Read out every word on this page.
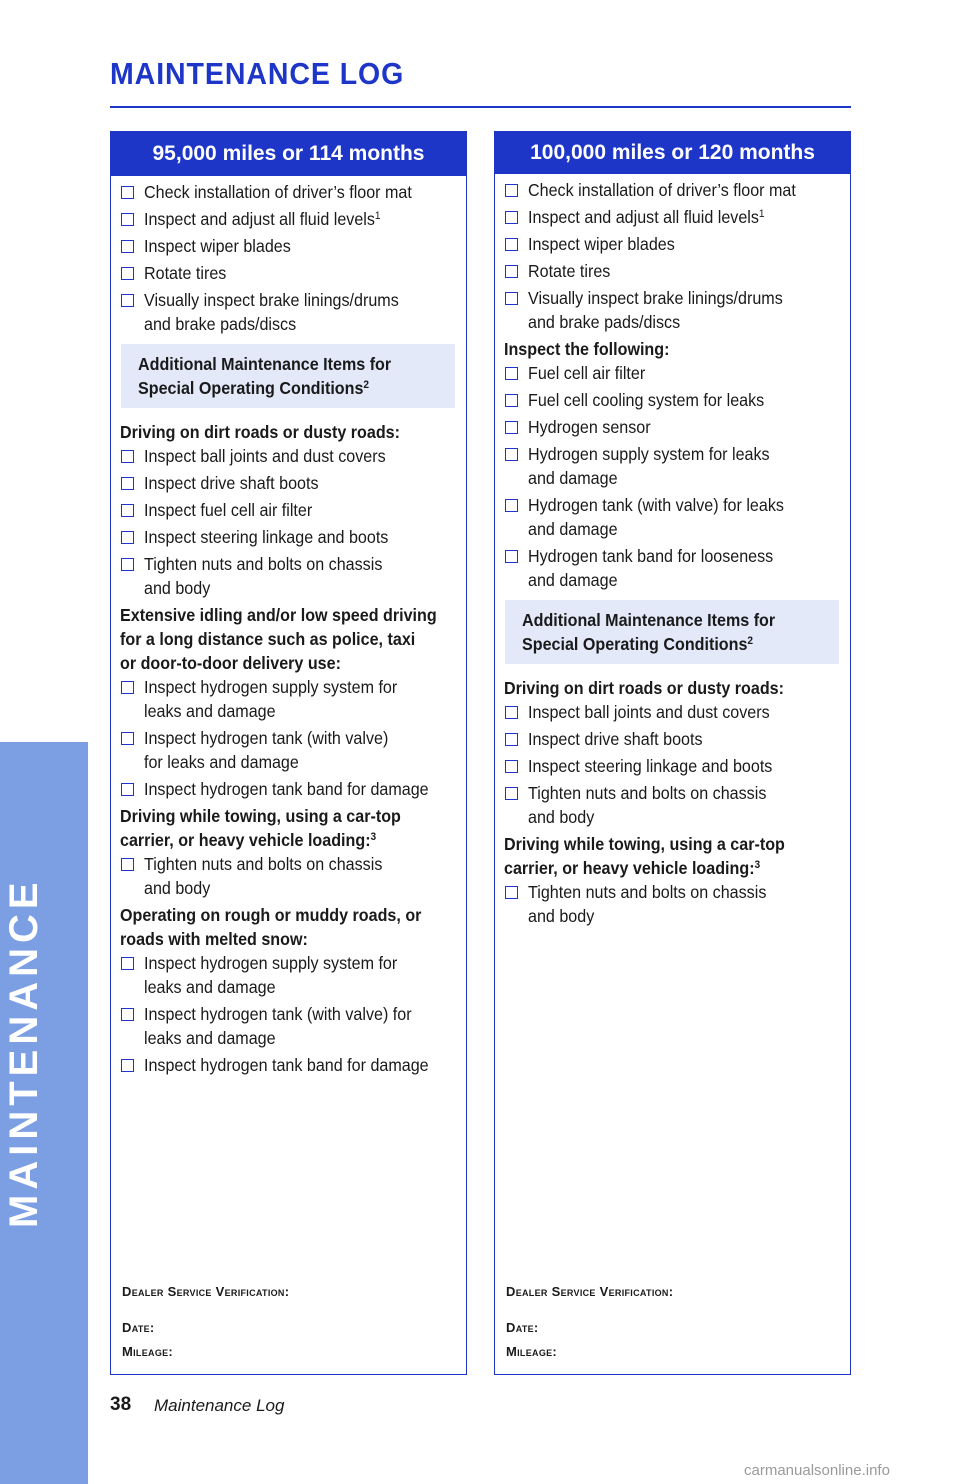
MAINTENANCE
MAINTENANCE LOG
95,000 miles or 114 months
Check installation of driver’s floor mat
Inspect and adjust all fluid levels$^1$
Inspect wiper blades
Rotate tires
Visually inspect brake linings/drums
and brake pads/discs
Additional Maintenance Items for
Special Operating Conditions$^2$
Driving on dirt roads or dusty roads:
Inspect ball joints and dust covers
Inspect drive shaft boots
Inspect fuel cell air filter
Inspect steering linkage and boots
Tighten nuts and bolts on chassis
and body
Extensive idling and/or low speed driving
for a long distance such as police, taxi
or door-to-door delivery use:
Inspect hydrogen supply system for
leaks and damage
Inspect hydrogen tank (with valve)
for leaks and damage
Inspect hydrogen tank band for damage
Driving while towing, using a car-top
carrier, or heavy vehicle loading:$^3$
Tighten nuts and bolts on chassis
and body
Operating on rough or muddy roads, or
roads with melted snow:
Inspect hydrogen supply system for
leaks and damage
Inspect hydrogen tank (with valve) for
leaks and damage
Inspect hydrogen tank band for damage
Dealer Service Verification:
Date:
Mileage:
100,000 miles or 120 months
Check installation of driver’s floor mat
Inspect and adjust all fluid levels$^1$
Inspect wiper blades
Rotate tires
Visually inspect brake linings/drums
and brake pads/discs
Inspect the following:
Fuel cell air filter
Fuel cell cooling system for leaks
Hydrogen sensor
Hydrogen supply system for leaks
and damage
Hydrogen tank (with valve) for leaks
and damage
Hydrogen tank band for looseness
and damage
Additional Maintenance Items for
Special Operating Conditions$^2$
Driving on dirt roads or dusty roads:
Inspect ball joints and dust covers
Inspect drive shaft boots
Inspect steering linkage and boots
Tighten nuts and bolts on chassis
and body
Driving while towing, using a car-top
carrier, or heavy vehicle loading:$^3$
Tighten nuts and bolts on chassis
and body
Dealer Service Verification:
Date:
Mileage:
38 Maintenance Log
carmanualsonline.info
